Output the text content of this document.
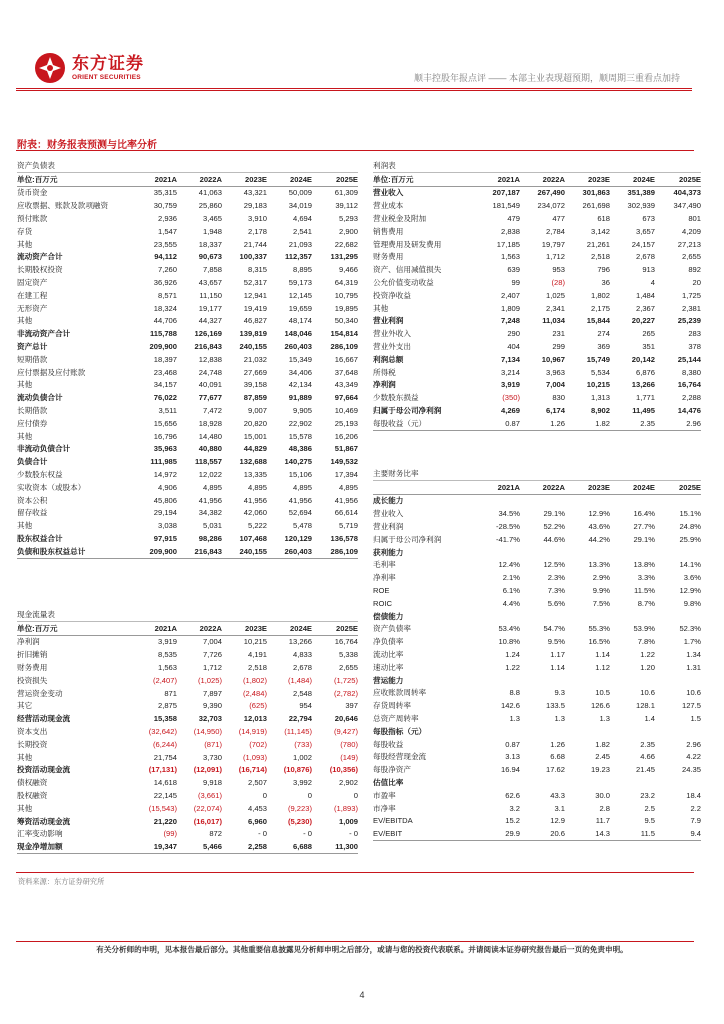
东方证券
ORIENT SECURITIES	顺丰控股年报点评 —— 本部主业表现超预期，顺周期三重看点加持
附表：财务报表预测与比率分析
资产负债表					
单位:百万元	2021A	2022A	2023E	2024E	2025E
货币资金	35,315	41,063	43,321	50,009	61,309
应收票据、账款及款项融资	30,759	25,860	29,183	34,019	39,112
预付账款	2,936	3,465	3,910	4,694	5,293
存货	1,547	1,948	2,178	2,541	2,900
其他	23,555	18,337	21,744	21,093	22,682
流动资产合计	94,112	90,673	100,337	112,357	131,295
长期股权投资	7,260	7,858	8,315	8,895	9,466
固定资产	36,926	43,657	52,317	59,173	64,319
在建工程	8,571	11,150	12,941	12,145	10,795
无形资产	18,324	19,177	19,419	19,659	19,895
其他	44,706	44,327	46,827	48,174	50,340
非流动资产合计	115,788	126,169	139,819	148,046	154,814
资产总计	209,900	216,843	240,155	260,403	286,109
短期借款	18,397	12,838	21,032	15,349	16,667
应付票据及应付账款	23,468	24,748	27,669	34,406	37,648
其他	34,157	40,091	39,158	42,134	43,349
流动负债合计	76,022	77,677	87,859	91,889	97,664
长期借款	3,511	7,472	9,007	9,905	10,469
应付债券	15,656	18,928	20,820	22,902	25,193
其他	16,796	14,480	15,001	15,578	16,206
非流动负债合计	35,963	40,880	44,829	48,386	51,867
负债合计	111,985	118,557	132,688	140,275	149,532
少数股东权益	14,972	12,022	13,335	15,106	17,394
实收资本（或股本）	4,906	4,895	4,895	4,895	4,895
资本公积	45,806	41,956	41,956	41,956	41,956
留存收益	29,194	34,382	42,060	52,694	66,614
其他	3,038	5,031	5,222	5,478	5,719
股东权益合计	97,915	98,286	107,468	120,129	136,578
负债和股东权益总计	209,900	216,843	240,155	260,403	286,109
利润表					
单位:百万元	2021A	2022A	2023E	2024E	2025E
营业收入	207,187	267,490	301,863	351,389	404,373
营业成本	181,549	234,072	261,698	302,939	347,490
营业税金及附加	479	477	618	673	801
销售费用	2,838	2,784	3,142	3,657	4,209
管理费用及研发费用	17,185	19,797	21,261	24,157	27,213
财务费用	1,563	1,712	2,518	2,678	2,655
资产、信用减值损失	639	953	796	913	892
公允价值变动收益	99	(28)	36	4	20
投资净收益	2,407	1,025	1,802	1,484	1,725
其他	1,809	2,341	2,175	2,367	2,381
营业利润	7,248	11,034	15,844	20,227	25,239
营业外收入	290	231	274	265	283
营业外支出	404	299	369	351	378
利润总额	7,134	10,967	15,749	20,142	25,144
所得税	3,214	3,963	5,534	6,876	8,380
净利润	3,919	7,004	10,215	13,266	16,764
少数股东损益	(350)	830	1,313	1,771	2,288
归属于母公司净利润	4,269	6,174	8,902	11,495	14,476
每股收益（元）	0.87	1.26	1.82	2.35	2.96
主要财务比率					
	2021A	2022A	2023E	2024E	2025E
成长能力					
营业收入	34.5%	29.1%	12.9%	16.4%	15.1%
营业利润	-28.5%	52.2%	43.6%	27.7%	24.8%
归属于母公司净利润	-41.7%	44.6%	44.2%	29.1%	25.9%
获利能力					
毛利率	12.4%	12.5%	13.3%	13.8%	14.1%
净利率	2.1%	2.3%	2.9%	3.3%	3.6%
ROE	6.1%	7.3%	9.9%	11.5%	12.9%
ROIC	4.4%	5.6%	7.5%	8.7%	9.8%
偿债能力					
资产负债率	53.4%	54.7%	55.3%	53.9%	52.3%
净负债率	10.8%	9.5%	16.5%	7.8%	1.7%
流动比率	1.24	1.17	1.14	1.22	1.34
速动比率	1.22	1.14	1.12	1.20	1.31
营运能力					
应收账款周转率	8.8	9.3	10.5	10.6	10.6
存货周转率	142.6	133.5	126.6	128.1	127.5
总资产周转率	1.3	1.3	1.3	1.4	1.5
每股指标（元）					
每股收益	0.87	1.26	1.82	2.35	2.96
每股经营现金流	3.13	6.68	2.45	4.66	4.22
每股净资产	16.94	17.62	19.23	21.45	24.35
估值比率					
市盈率	62.6	43.3	30.0	23.2	18.4
市净率	3.2	3.1	2.8	2.5	2.2
EV/EBITDA	15.2	12.9	11.7	9.5	7.9
EV/EBIT	29.9	20.6	14.3	11.5	9.4
现金流量表					
单位:百万元	2021A	2022A	2023E	2024E	2025E
净利润	3,919	7,004	10,215	13,266	16,764
折旧摊销	8,535	7,726	4,191	4,833	5,338
财务费用	1,563	1,712	2,518	2,678	2,655
投资损失	(2,407)	(1,025)	(1,802)	(1,484)	(1,725)
营运资金变动	871	7,897	(2,484)	2,548	(2,782)
其它	2,875	9,390	(625)	954	397
经营活动现金流	15,358	32,703	12,013	22,794	20,646
资本支出	(32,642)	(14,950)	(14,919)	(11,145)	(9,427)
长期投资	(6,244)	(871)	(702)	(733)	(780)
其他	21,754	3,730	(1,093)	1,002	(149)
投资活动现金流	(17,131)	(12,091)	(16,714)	(10,876)	(10,356)
债权融资	14,618	9,918	2,507	3,992	2,902
股权融资	22,145	(3,661)	0	0	0
其他	(15,543)	(22,074)	4,453	(9,223)	(1,893)
筹资活动现金流	21,220	(16,017)	6,960	(5,230)	1,009
汇率变动影响	(99)	872	- 0	- 0	- 0
现金净增加额	19,347	5,466	2,258	6,688	11,300
资料来源：东方证券研究所
有关分析师的申明，见本报告最后部分。其他重要信息披露见分析师申明之后部分，或请与您的投资代表联系。并请阅读本证券研究报告最后一页的免责申明。
4
